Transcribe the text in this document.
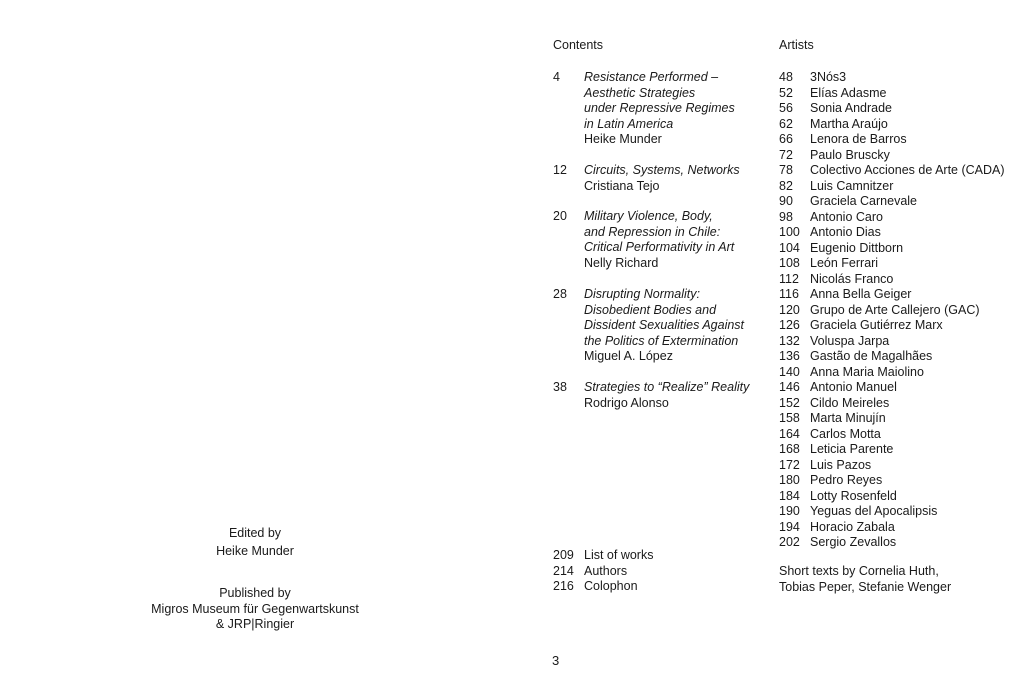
Edited by
Heike Munder
Published by
Migros Museum für Gegenwartskunst
& JRP|Ringier
Contents
4 Resistance Performed –
Aesthetic Strategies
under Repressive Regimes
in Latin America
Heike Munder
12 Circuits, Systems, Networks
Cristiana Tejo
20 Military Violence, Body,
and Repression in Chile:
Critical Performativity in Art
Nelly Richard
28 Disrupting Normality:
Disobedient Bodies and
Dissident Sexualities Against
the Politics of Extermination
Miguel A. López
38 Strategies to “Realize” Reality
Rodrigo Alonso
209 List of works
214 Authors
216 Colophon
Artists
48 3Nós3
52 Elías Adasme
56 Sonia Andrade
62 Martha Araújo
66 Lenora de Barros
72 Paulo Bruscky
78 Colectivo Acciones de Arte (CADA)
82 Luis Camnitzer
90 Graciela Carnevale
98 Antonio Caro
100 Antonio Dias
104 Eugenio Dittborn
108 León Ferrari
112 Nicolás Franco
116 Anna Bella Geiger
120 Grupo de Arte Callejero (GAC)
126 Graciela Gutiérrez Marx
132 Voluspa Jarpa
136 Gastão de Magalhães
140 Anna Maria Maiolino
146 Antonio Manuel
152 Cildo Meireles
158 Marta Minujín
164 Carlos Motta
168 Leticia Parente
172 Luis Pazos
180 Pedro Reyes
184 Lotty Rosenfeld
190 Yeguas del Apocalipsis
194 Horacio Zabala
202 Sergio Zevallos
Short texts by Cornelia Huth,
Tobias Peper, Stefanie Wenger
3
